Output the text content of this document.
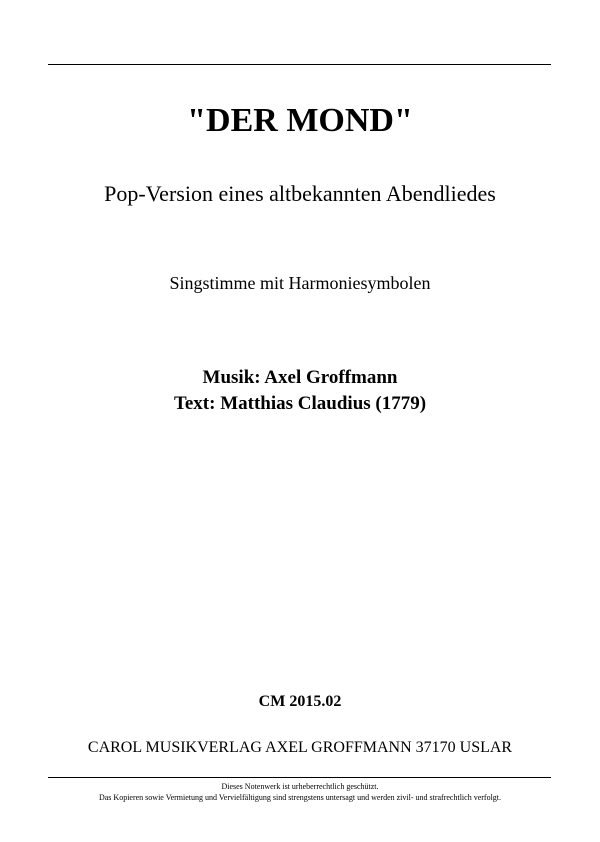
"DER MOND"
Pop-Version eines altbekannten Abendliedes
Singstimme mit Harmoniesymbolen
Musik: Axel Groffmann
Text: Matthias Claudius (1779)
CM 2015.02
CAROL MUSIKVERLAG AXEL GROFFMANN 37170 USLAR
Dieses Notenwerk ist urheberrechtlich geschützt.
Das Kopieren sowie Vermietung und Vervielfältigung sind strengstens untersagt und werden zivil- und strafrechtlich verfolgt.
